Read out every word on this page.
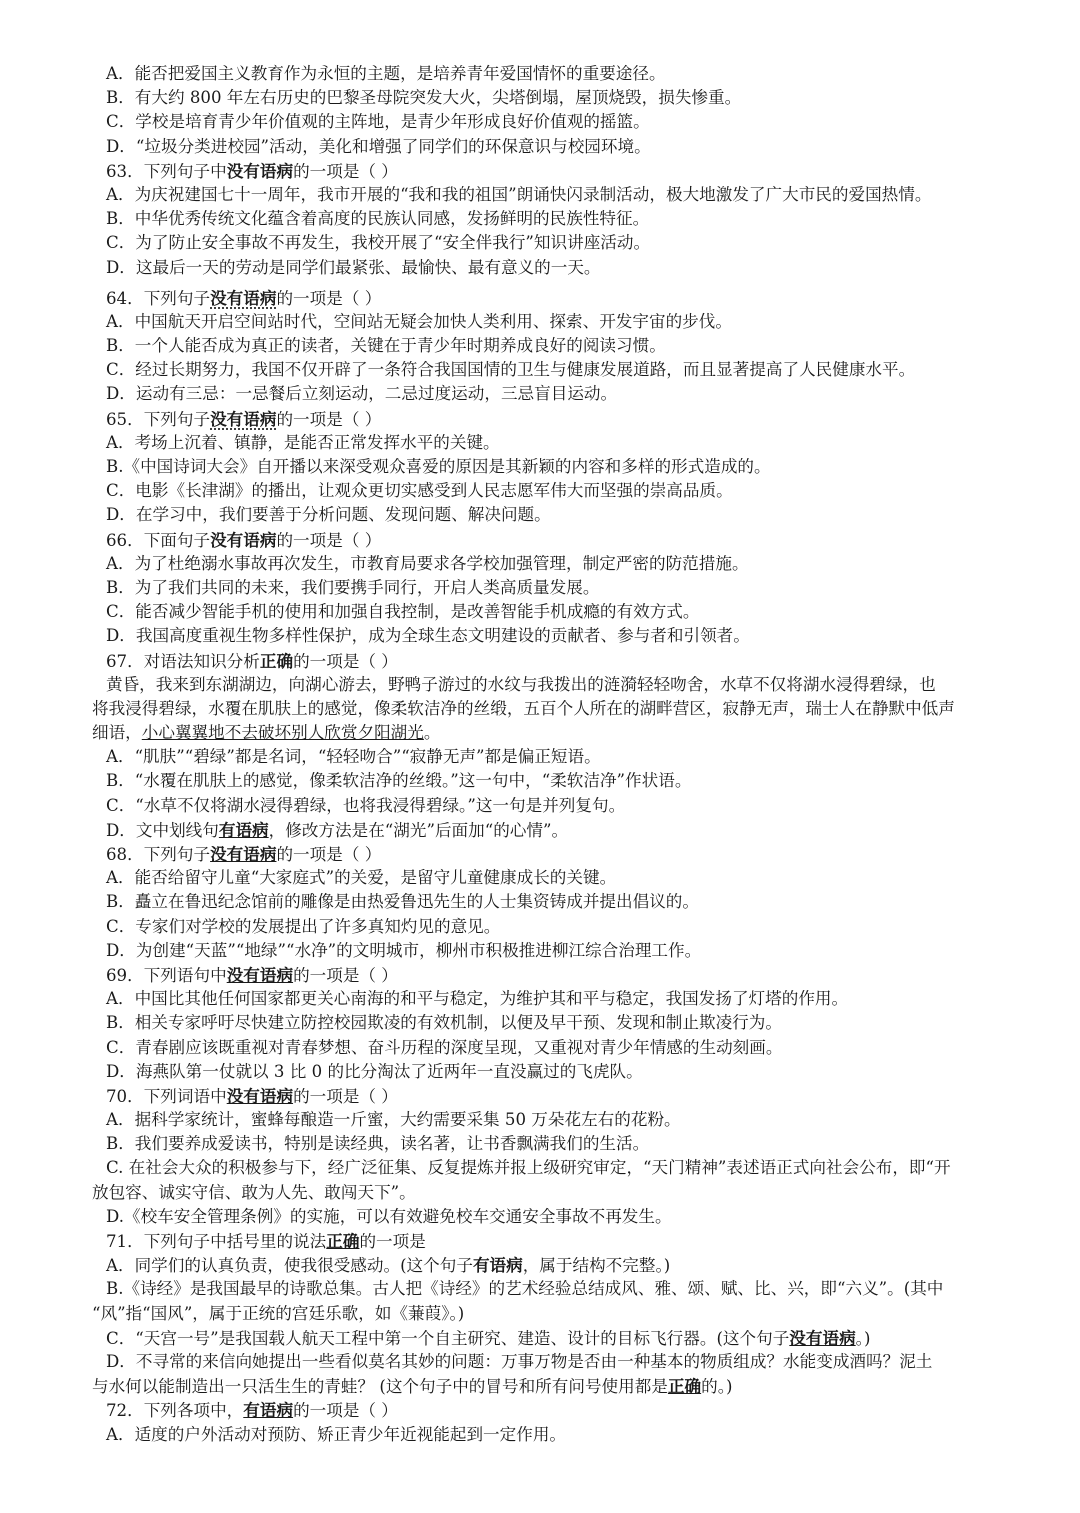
A．能否把爱国主义教育作为永恒的主题，是培养青年爱国情怀的重要途径。
B．有大约 800 年左右历史的巴黎圣母院突发大火，尖塔倒塌，屋顶烧毁，损失惨重。
C．学校是培育青少年价值观的主阵地，是青少年形成良好价值观的摇篮。
D．“垃圾分类进校园”活动，美化和增强了同学们的环保意识与校园环境。
63．下列句子中没有语病的一项是（ ）
A．为庆祝建国七十一周年，我市开展的“我和我的祖国”朗诵快闪录制活动，极大地激发了广大市民的爱国热情。
B．中华优秀传统文化蕴含着高度的民族认同感，发扬鲜明的民族性特征。
C．为了防止安全事故不再发生，我校开展了“安全伴我行”知识讲座活动。
D．这最后一天的劳动是同学们最紧张、最愉快、最有意义的一天。
64．下列句子没有语病的一项是（ ）
A．中国航天开启空间站时代，空间站无疑会加快人类利用、探索、开发宇宙的步伐。
B．一个人能否成为真正的读者，关键在于青少年时期养成良好的阅读习惯。
C．经过长期努力，我国不仅开辟了一条符合我国国情的卫生与健康发展道路，而且显著提高了人民健康水平。
D．运动有三忌：一忌餐后立刻运动，二忌过度运动，三忌盲目运动。
65．下列句子没有语病的一项是（ ）
A．考场上沉着、镇静，是能否正常发挥水平的关键。
B.《中国诗词大会》自开播以来深受观众喜爱的原因是其新颖的内容和多样的形式造成的。
C．电影《长津湖》的播出，让观众更切实感受到人民志愿军伟大而坚强的崇高品质。
D．在学习中，我们要善于分析问题、发现问题、解决问题。
66．下面句子没有语病的一项是（ ）
A．为了杜绝溺水事故再次发生，市教育局要求各学校加强管理，制定严密的防范措施。
B．为了我们共同的未来，我们要携手同行，开启人类高质量发展。
C．能否减少智能手机的使用和加强自我控制，是改善智能手机成瘾的有效方式。
D．我国高度重视生物多样性保护，成为全球生态文明建设的贡献者、参与者和引领者。
67．对语法知识分析正确的一项是（ ）
黄昏，我来到东湖湖边，向湖心游去，野鸭子游过的水纹与我拨出的涟漪轻轻吻舍，水草不仅将湖水浸得碧绿，也
将我浸得碧绿，水覆在肌肤上的感觉，像柔软洁净的丝缎，五百个人所在的湖畔营区，寂静无声，瑞士人在静默中低声
细语，小心翼翼地不去破坏别人欣赏夕阳湖光。
A．“肌肤”“碧绿”都是名词，“轻轻吻合”“寂静无声”都是偏正短语。
B．“水覆在肌肤上的感觉，像柔软洁净的丝缎。”这一句中，“柔软洁净”作状语。
C．“水草不仅将湖水浸得碧绿，也将我浸得碧绿。”这一句是并列复句。
D．文中划线句有语病，修改方法是在“湖光”后面加“的心情”。
68．下列句子没有语病的一项是（ ）
A．能否给留守儿童“大家庭式”的关爱，是留守儿童健康成长的关键。
B．矗立在鲁迅纪念馆前的雕像是由热爱鲁迅先生的人士集资铸成并提出倡议的。
C．专家们对学校的发展提出了许多真知灼见的意见。
D．为创建“天蓝”“地绿”“水净”的文明城市，柳州市积极推进柳江综合治理工作。
69．下列语句中没有语病的一项是（ ）
A．中国比其他任何国家都更关心南海的和平与稳定，为维护其和平与稳定，我国发扬了灯塔的作用。
B．相关专家呼吁尽快建立防控校园欺凌的有效机制，以便及早干预、发现和制止欺凌行为。
C．青春剧应该既重视对青春梦想、奋斗历程的深度呈现，又重视对青少年情感的生动刻画。
D．海燕队第一仗就以 3 比 0 的比分淘汰了近两年一直没赢过的飞虎队。
70．下列词语中没有语病的一项是（ ）
A．据科学家统计，蜜蜂每酿造一斤蜜，大约需要采集 50 万朵花左右的花粉。
B．我们要养成爱读书，特别是读经典，读名著，让书香飘满我们的生活。
C. 在社会大众的积极参与下，经广泛征集、反复提炼并报上级研究审定，“天门精神”表述语正式向社会公布，即“开
放包容、诚实守信、敢为人先、敢闯天下”。
D.《校车安全管理条例》的实施，可以有效避免校车交通安全事故不再发生。
71．下列句子中括号里的说法正确的一项是
A．同学们的认真负责，使我很受感动。(这个句子有语病，属于结构不完整。)
B.《诗经》是我国最早的诗歌总集。古人把《诗经》的艺术经验总结成风、雅、颂、赋、比、兴，即“六义”。(其中
“风”指“国风”，属于正统的宫廷乐歌，如《蒹葭》。)
C．“天宫一号”是我国载人航天工程中第一个自主研究、建造、设计的目标飞行器。(这个句子没有语病。)
D．不寻常的来信向她提出一些看似莫名其妙的问题：万事万物是否由一种基本的物质组成？水能变成酒吗？泥土
与水何以能制造出一只活生生的青蛙？ (这个句子中的冒号和所有问号使用都是正确的。)
72．下列各项中，有语病的一项是（ ）
A．适度的户外活动对预防、矫正青少年近视能起到一定作用。
